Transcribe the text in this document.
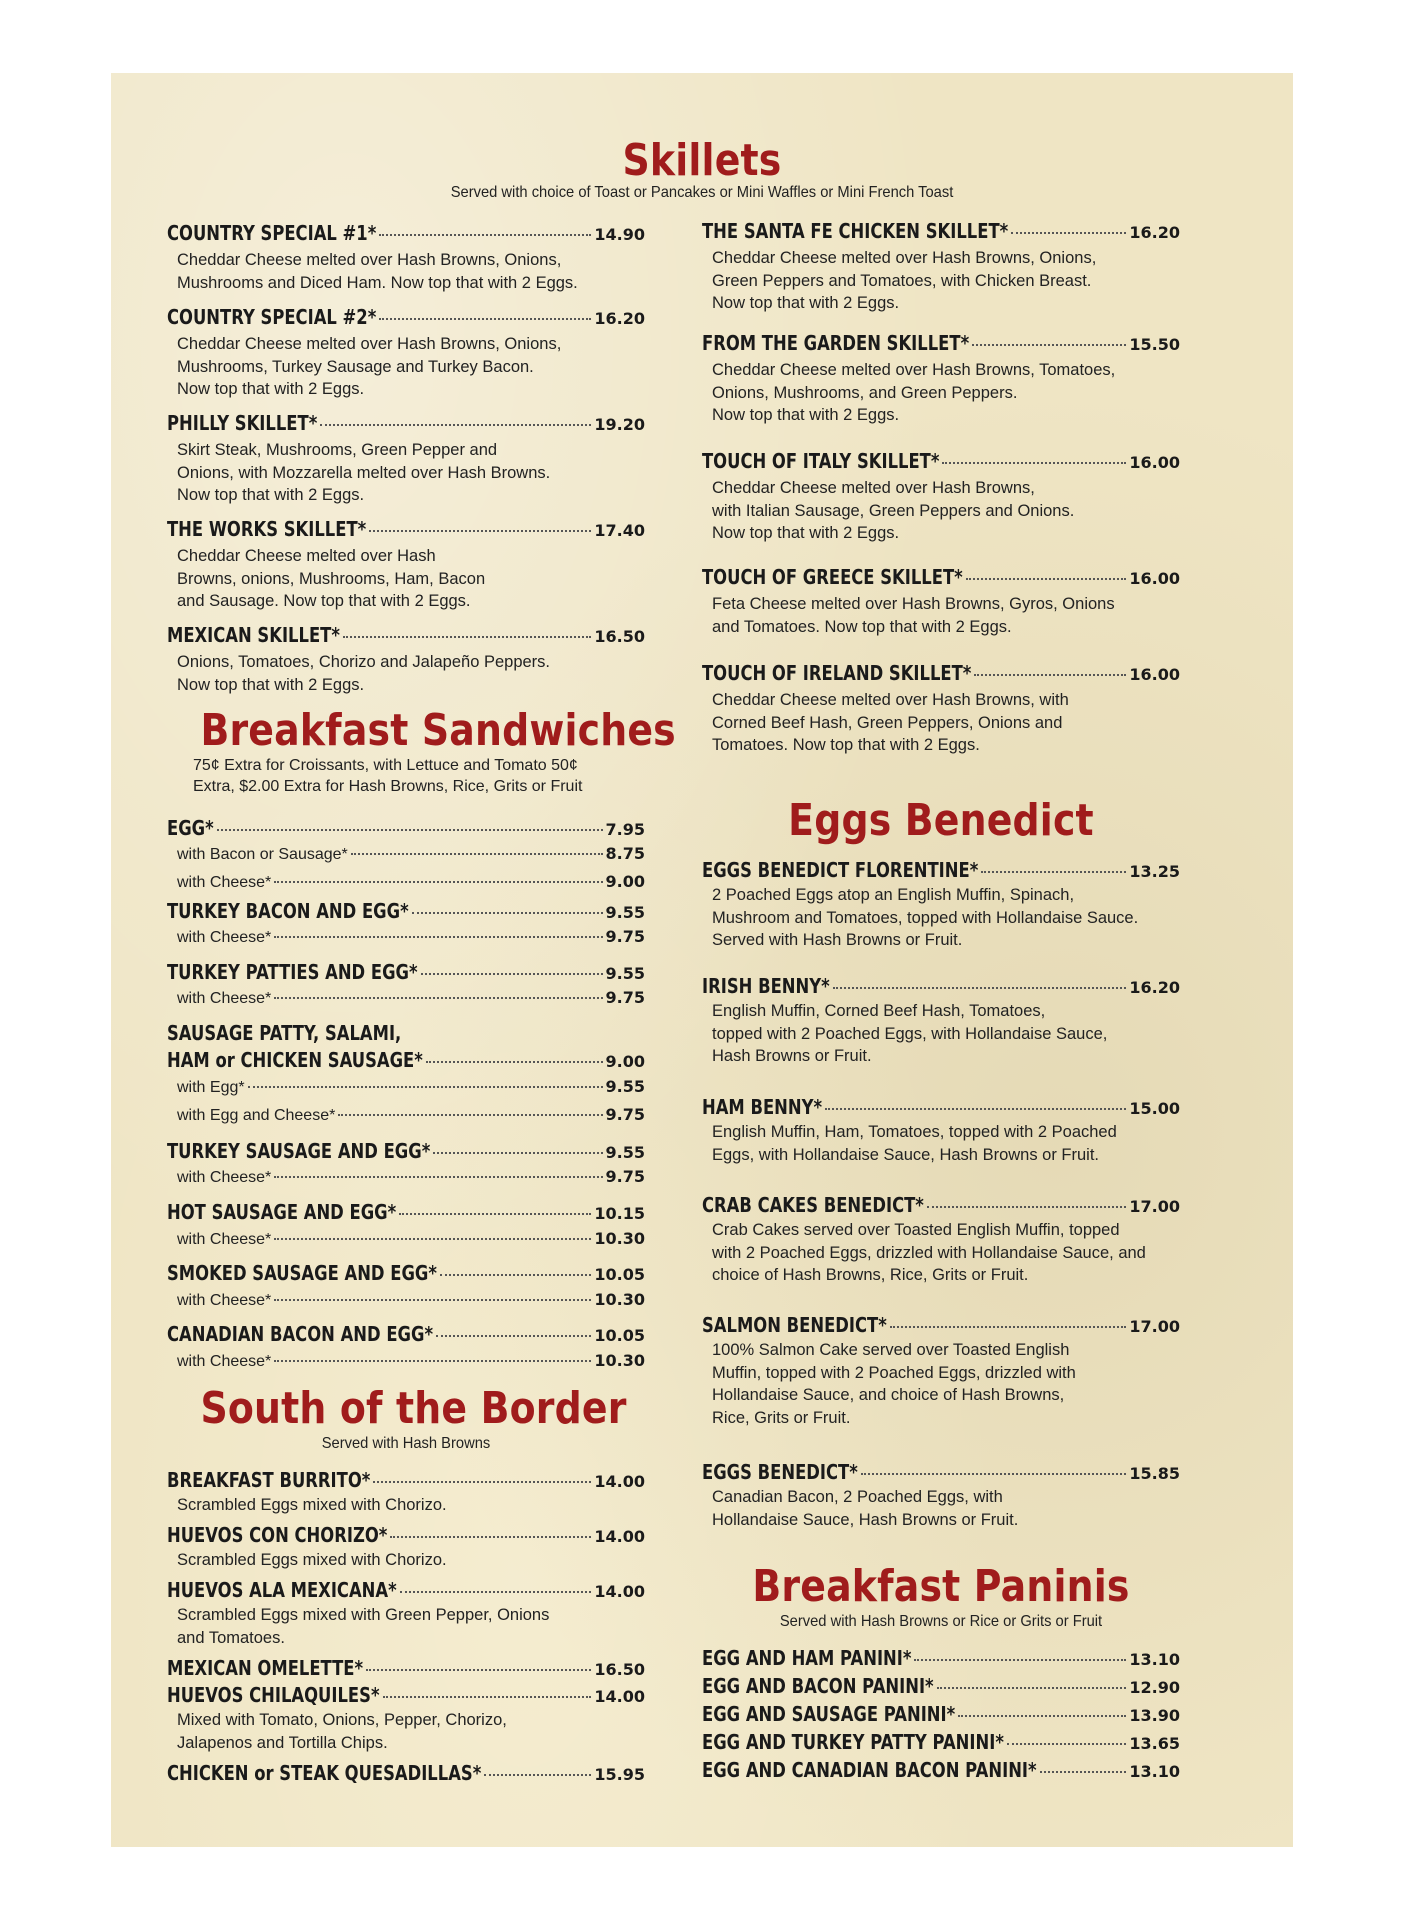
Skillets
Served with choice of Toast or Pancakes or Mini Waffles or Mini French Toast
COUNTRY SPECIAL #1*	14.90
Cheddar Cheese melted over Hash Browns, Onions,
Mushrooms and Diced Ham. Now top that with 2 Eggs.
COUNTRY SPECIAL #2*	16.20
Cheddar Cheese melted over Hash Browns, Onions,
Mushrooms, Turkey Sausage and Turkey Bacon.
Now top that with 2 Eggs.
PHILLY SKILLET*	19.20
Skirt Steak, Mushrooms, Green Pepper and
Onions, with Mozzarella melted over Hash Browns.
Now top that with 2 Eggs.
THE WORKS SKILLET*	17.40
Cheddar Cheese melted over Hash
Browns, onions, Mushrooms, Ham, Bacon
and Sausage. Now top that with 2 Eggs.
MEXICAN SKILLET*	16.50
Onions, Tomatoes, Chorizo and Jalapeño Peppers.
Now top that with 2 Eggs.
THE SANTA FE CHICKEN SKILLET*	16.20
Cheddar Cheese melted over Hash Browns, Onions,
Green Peppers and Tomatoes, with Chicken Breast.
Now top that with 2 Eggs.
FROM THE GARDEN SKILLET*	15.50
Cheddar Cheese melted over Hash Browns, Tomatoes,
Onions, Mushrooms, and Green Peppers.
Now top that with 2 Eggs.
TOUCH OF ITALY SKILLET*	16.00
Cheddar Cheese melted over Hash Browns,
with Italian Sausage, Green Peppers and Onions.
Now top that with 2 Eggs.
TOUCH OF GREECE SKILLET*	16.00
Feta Cheese melted over Hash Browns, Gyros, Onions
and Tomatoes. Now top that with 2 Eggs.
TOUCH OF IRELAND SKILLET*	16.00
Cheddar Cheese melted over Hash Browns, with
Corned Beef Hash, Green Peppers, Onions and
Tomatoes. Now top that with 2 Eggs.
Breakfast Sandwiches
75¢ Extra for Croissants, with Lettuce and Tomato 50¢
Extra, $2.00 Extra for Hash Browns, Rice, Grits or Fruit
EGG*	7.95
with Bacon or Sausage*	8.75
with Cheese*	9.00
TURKEY BACON AND EGG*	9.55
with Cheese*	9.75
TURKEY PATTIES AND EGG*	9.55
with Cheese*	9.75
SAUSAGE PATTY, SALAMI,
HAM or CHICKEN SAUSAGE*	9.00
with Egg*	9.55
with Egg and Cheese*	9.75
TURKEY SAUSAGE AND EGG*	9.55
with Cheese*	9.75
HOT SAUSAGE AND EGG*	10.15
with Cheese*	10.30
SMOKED SAUSAGE AND EGG*	10.05
with Cheese*	10.30
CANADIAN BACON AND EGG*	10.05
with Cheese*	10.30
South of the Border
Served with Hash Browns
BREAKFAST BURRITO*	14.00
Scrambled Eggs mixed with Chorizo.
HUEVOS CON CHORIZO*	14.00
Scrambled Eggs mixed with Chorizo.
HUEVOS ALA MEXICANA*	14.00
Scrambled Eggs mixed with Green Pepper, Onions
and Tomatoes.
MEXICAN OMELETTE*	16.50
HUEVOS CHILAQUILES*	14.00
Mixed with Tomato, Onions, Pepper, Chorizo,
Jalapenos and Tortilla Chips.
CHICKEN or STEAK QUESADILLAS*	15.95
Eggs Benedict
EGGS BENEDICT FLORENTINE*	13.25
2 Poached Eggs atop an English Muffin, Spinach,
Mushroom and Tomatoes, topped with Hollandaise Sauce.
Served with Hash Browns or Fruit.
IRISH BENNY*	16.20
English Muffin, Corned Beef Hash, Tomatoes,
topped with 2 Poached Eggs, with Hollandaise Sauce,
Hash Browns or Fruit.
HAM BENNY*	15.00
English Muffin, Ham, Tomatoes, topped with 2 Poached
Eggs, with Hollandaise Sauce, Hash Browns or Fruit.
CRAB CAKES BENEDICT*	17.00
Crab Cakes served over Toasted English Muffin, topped
with 2 Poached Eggs, drizzled with Hollandaise Sauce, and
choice of Hash Browns, Rice, Grits or Fruit.
SALMON BENEDICT*	17.00
100% Salmon Cake served over Toasted English
Muffin, topped with 2 Poached Eggs, drizzled with
Hollandaise Sauce, and choice of Hash Browns,
Rice, Grits or Fruit.
EGGS BENEDICT*	15.85
Canadian Bacon, 2 Poached Eggs, with
Hollandaise Sauce, Hash Browns or Fruit.
Breakfast Paninis
Served with Hash Browns or Rice or Grits or Fruit
EGG AND HAM PANINI*	13.10
EGG AND BACON PANINI*	12.90
EGG AND SAUSAGE PANINI*	13.90
EGG AND TURKEY PATTY PANINI*	13.65
EGG AND CANADIAN BACON PANINI*	13.10
